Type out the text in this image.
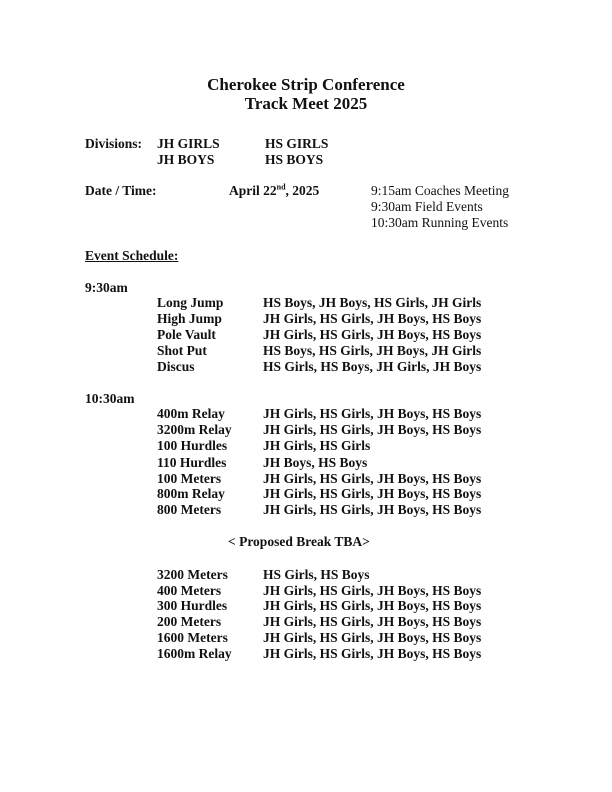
Cherokee Strip Conference
Track Meet 2025
Divisions: JH GIRLS	HS GIRLS
JH BOYS	HS BOYS
Date / Time:	April 22nd, 2025	9:15am Coaches Meeting
9:30am Field Events
10:30am Running Events
Event Schedule:
9:30am
Long Jump	HS Boys, JH Boys, HS Girls, JH Girls
High Jump	JH Girls, HS Girls, JH Boys, HS Boys
Pole Vault	JH Girls, HS Girls, JH Boys, HS Boys
Shot Put	HS Boys, HS Girls, JH Boys, JH Girls
Discus	HS Girls, HS Boys, JH Girls, JH Boys
10:30am
400m Relay	JH Girls, HS Girls, JH Boys, HS Boys
3200m Relay JH Girls, HS Girls, JH Boys, HS Boys
100 Hurdles	JH Girls, HS Girls
110 Hurdles	JH Boys, HS Boys
100 Meters	JH Girls, HS Girls, JH Boys, HS Boys
800m Relay	JH Girls, HS Girls, JH Boys, HS Boys
800 Meters	JH Girls, HS Girls, JH Boys, HS Boys
< Proposed Break TBA>
3200 Meters	HS Girls, HS Boys
400 Meters	JH Girls, HS Girls, JH Boys, HS Boys
300 Hurdles	JH Girls, HS Girls, JH Boys, HS Boys
200 Meters	JH Girls, HS Girls, JH Boys, HS Boys
1600 Meters	JH Girls, HS Girls, JH Boys, HS Boys
1600m Relay JH Girls, HS Girls, JH Boys, HS Boys
